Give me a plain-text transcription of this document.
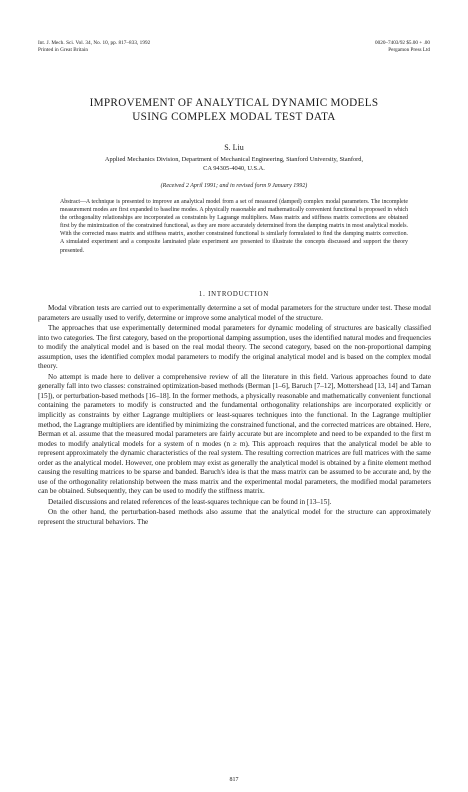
Int. J. Mech. Sci. Vol. 34, No. 10, pp. 817–833, 1992
Printed in Great Britain
0020–7403/92 $5.00 + .00
Pergamon Press Ltd
IMPROVEMENT OF ANALYTICAL DYNAMIC MODELS
USING COMPLEX MODAL TEST DATA
S. Liu
Applied Mechanics Division, Department of Mechanical Engineering, Stanford University, Stanford,
CA 94305-4040, U.S.A.
(Received 2 April 1991; and in revised form 9 January 1992)
Abstract—A technique is presented to improve an analytical model from a set of measured (damped) complex modal parameters. The incomplete measurement modes are first expanded to baseline modes. A physically reasonable and mathematically convenient functional is proposed in which the orthogonality relationships are incorporated as constraints by Lagrange multipliers. Mass matrix and stiffness matrix corrections are obtained first by the minimization of the constrained functional, as they are more accurately determined from the damping matrix in most analytical models. With the corrected mass matrix and stiffness matrix, another constrained functional is similarly formulated to find the damping matrix correction. A simulated experiment and a composite laminated plate experiment are presented to illustrate the concepts discussed and support the theory presented.
1. INTRODUCTION

Modal vibration tests are carried out to experimentally determine a set of modal parameters for the structure under test. These modal parameters are usually used to verify, determine or improve some analytical model of the structure.

The approaches that use experimentally determined modal parameters for dynamic modeling of structures are basically classified into two categories. The first category, based on the proportional damping assumption, uses the identified natural modes and frequencies to modify the analytical model and is based on the real modal theory. The second category, based on the non-proportional damping assumption, uses the identified complex modal parameters to modify the original analytical model and is based on the complex modal theory.

No attempt is made here to deliver a comprehensive review of all the literature in this field. Various approaches found to date generally fall into two classes: constrained optimization-based methods (Berman [1–6], Baruch [7–12], Mottershead [13, 14] and Taman [15]), or perturbation-based methods [16–18]. In the former methods, a physically reasonable and mathematically convenient functional containing the parameters to modify is constructed and the fundamental orthogonality relationships are incorporated explicitly or implicitly as constraints by either Lagrange multipliers or least-squares techniques into the functional. In the Lagrange multiplier method, the Lagrange multipliers are identified by minimizing the constrained functional, and the corrected matrices are obtained. Here, Berman et al. assume that the measured modal parameters are fairly accurate but are incomplete and need to be expanded to the first m modes to modify analytical models for a system of n modes (n ≥ m). This approach requires that the analytical model be able to represent approximately the dynamic characteristics of the real system. The resulting correction matrices are full matrices with the same order as the analytical model. However, one problem may exist as generally the analytical model is obtained by a finite element method causing the resulting matrices to be sparse and banded. Baruch's idea is that the mass matrix can be assumed to be accurate and, by the use of the orthogonality relationship between the mass matrix and the experimental modal parameters, the modified modal parameters can be obtained. Subsequently, they can be used to modify the stiffness matrix.

Detailed discussions and related references of the least-squares technique can be found in [13–15].

On the other hand, the perturbation-based methods also assume that the analytical model for the structure can approximately represent the structural behaviors. The

817
